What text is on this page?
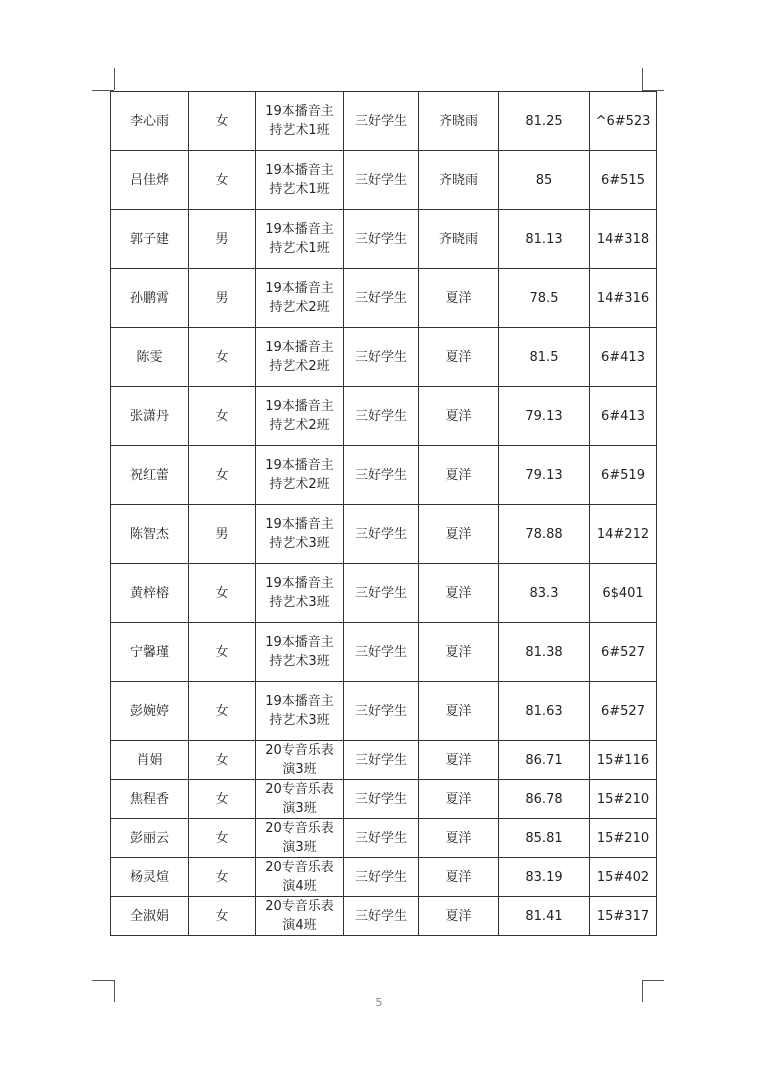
李心雨	女	19本播音主持艺术1班	三好学生	齐晓雨	81.25	^6#523
吕佳烨	女	19本播音主持艺术1班	三好学生	齐晓雨	85	6#515
郭子建	男	19本播音主持艺术1班	三好学生	齐晓雨	81.13	14#318
孙鹏霄	男	19本播音主持艺术2班	三好学生	夏洋	78.5	14#316
陈雯	女	19本播音主持艺术2班	三好学生	夏洋	81.5	6#413
张潇丹	女	19本播音主持艺术2班	三好学生	夏洋	79.13	6#413
祝红蕾	女	19本播音主持艺术2班	三好学生	夏洋	79.13	6#519
陈智杰	男	19本播音主持艺术3班	三好学生	夏洋	78.88	14#212
黄梓榕	女	19本播音主持艺术3班	三好学生	夏洋	83.3	6$401
宁馨瑾	女	19本播音主持艺术3班	三好学生	夏洋	81.38	6#527
彭婉婷	女	19本播音主持艺术3班	三好学生	夏洋	81.63	6#527
肖娟	女	20专音乐表演3班	三好学生	夏洋	86.71	15#116
焦程香	女	20专音乐表演3班	三好学生	夏洋	86.78	15#210
彭丽云	女	20专音乐表演3班	三好学生	夏洋	85.81	15#210
杨灵煊	女	20专音乐表演4班	三好学生	夏洋	83.19	15#402
全淑娟	女	20专音乐表演4班	三好学生	夏洋	81.41	15#317
5
